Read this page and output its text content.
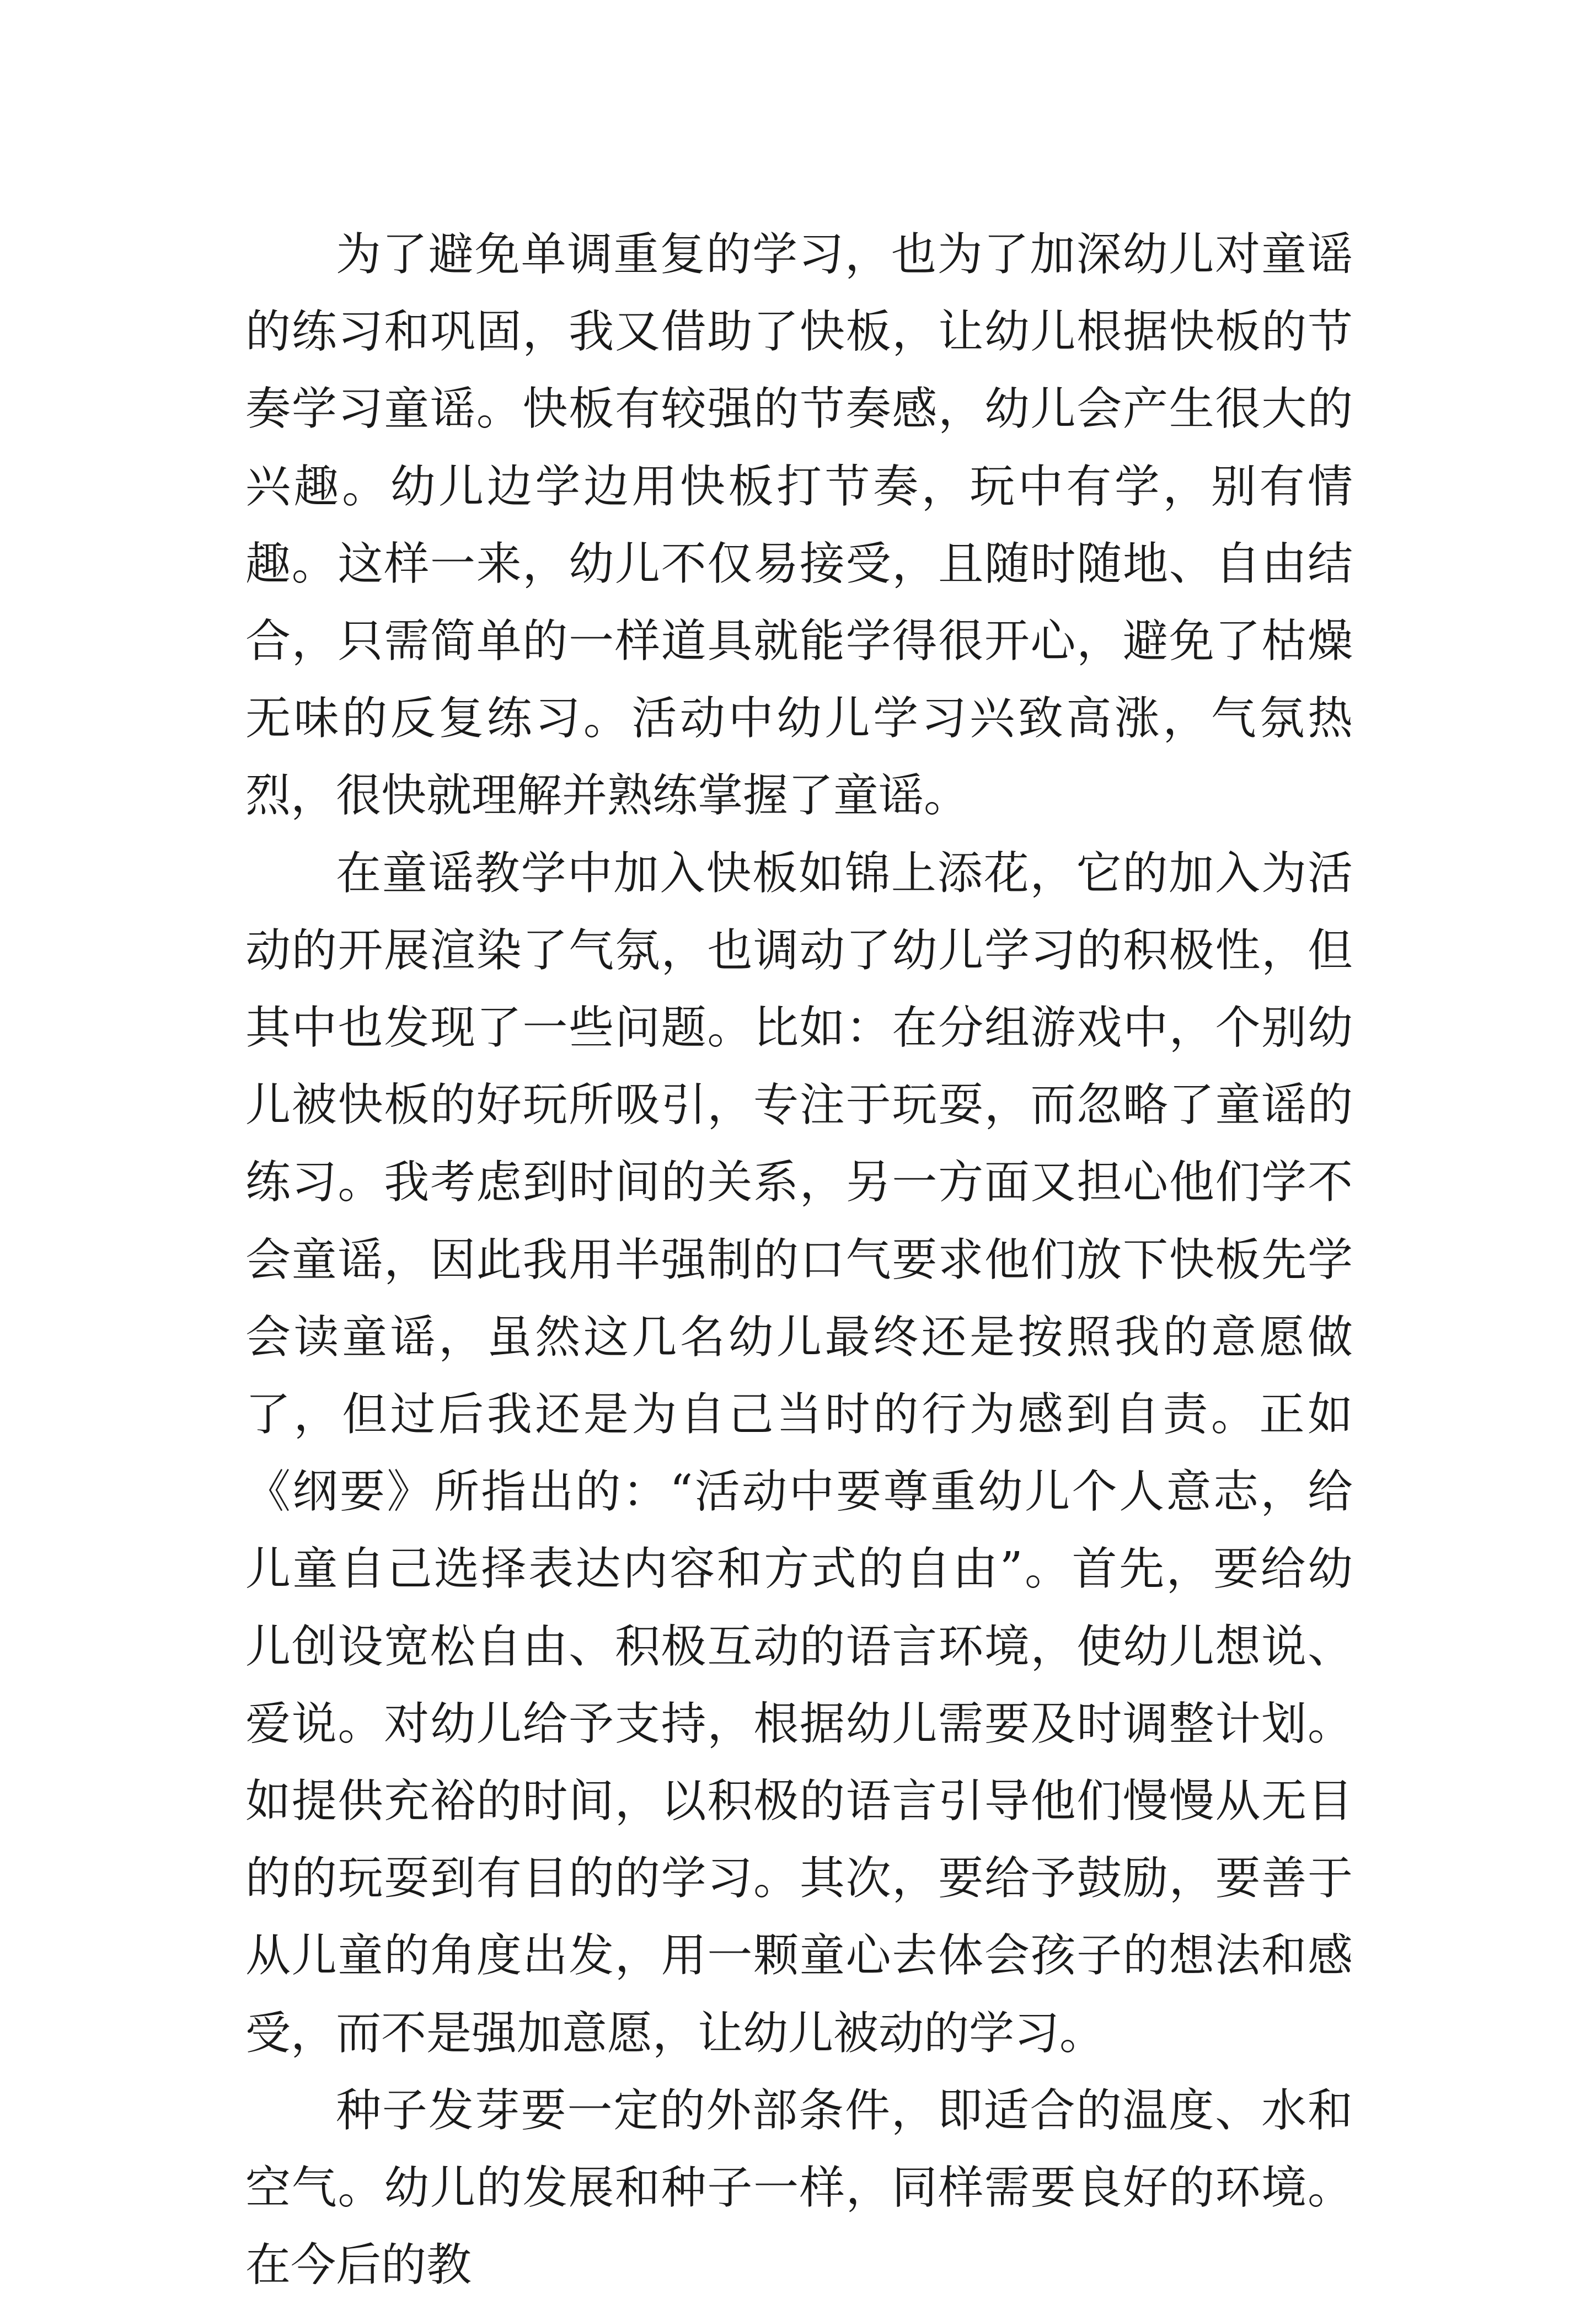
为了避免单调重复的学习，也为了加深幼儿对童谣的练习和巩固，我又借助了快板，让幼儿根据快板的节奏学习童谣。快板有较强的节奏感，幼儿会产生很大的兴趣。幼儿边学边用快板打节奏，玩中有学，别有情趣。这样一来，幼儿不仅易接受，且随时随地、自由结合，只需简单的一样道具就能学得很开心，避免了枯燥无味的反复练习。活动中幼儿学习兴致高涨，气氛热烈，很快就理解并熟练掌握了童谣。

在童谣教学中加入快板如锦上添花，它的加入为活动的开展渲染了气氛，也调动了幼儿学习的积极性，但其中也发现了一些问题。比如：在分组游戏中，个别幼儿被快板的好玩所吸引，专注于玩耍，而忽略了童谣的练习。我考虑到时间的关系，另一方面又担心他们学不会童谣，因此我用半强制的口气要求他们放下快板先学会读童谣，虽然这几名幼儿最终还是按照我的意愿做了，但过后我还是为自己当时的行为感到自责。正如《纲要》所指出的：“活动中要尊重幼儿个人意志，给儿童自己选择表达内容和方式的自由”。首先，要给幼儿创设宽松自由、积极互动的语言环境，使幼儿想说、爱说。对幼儿给予支持，根据幼儿需要及时调整计划。如提供充裕的时间，以积极的语言引导他们慢慢从无目的的玩耍到有目的的学习。其次，要给予鼓励，要善于从儿童的角度出发，用一颗童心去体会孩子的想法和感受，而不是强加意愿，让幼儿被动的学习。

种子发芽要一定的外部条件，即适合的温度、水和空气。幼儿的发展和种子一样，同样需要良好的环境。在今后的教
